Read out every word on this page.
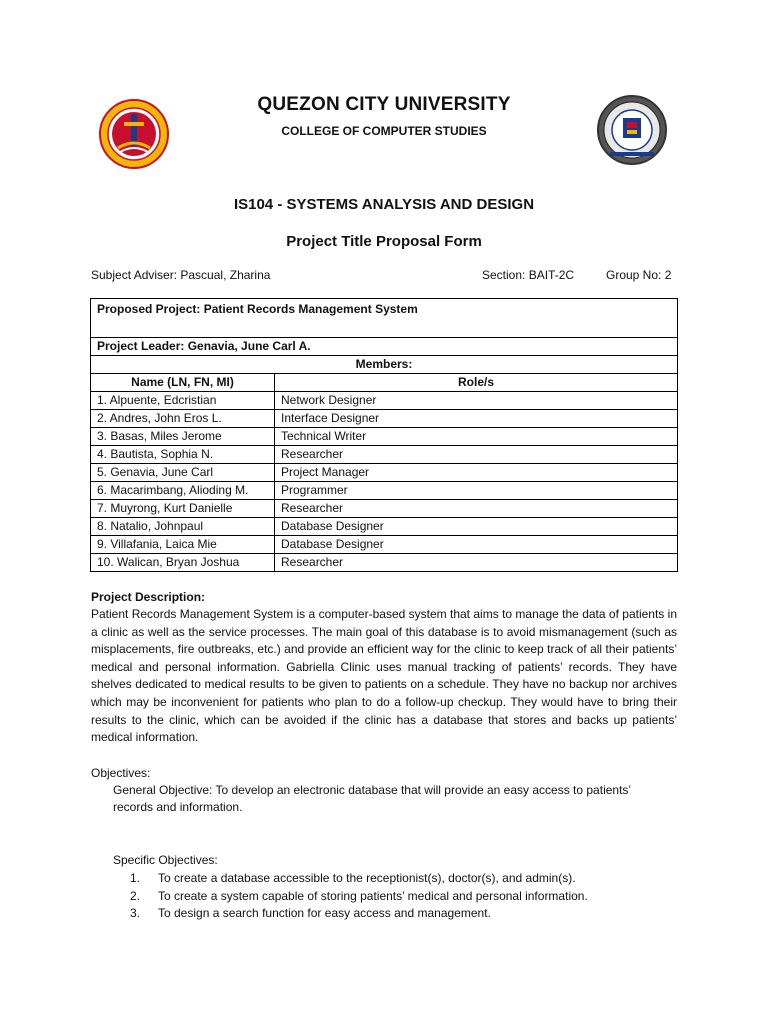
QUEZON CITY UNIVERSITY
COLLEGE OF COMPUTER STUDIES
IS104 - SYSTEMS ANALYSIS AND DESIGN
Project Title Proposal Form
Subject Adviser: Pascual, Zharina	Section: BAIT-2C	Group No: 2
Proposed Project: Patient Records Management System	
Project Leader: Genavia, June Carl A.	
Members:	
Name (LN, FN, MI)	Role/s
1. Alpuente, Edcristian	Network Designer
2. Andres, John Eros L.	Interface Designer
3. Basas, Miles Jerome	Technical Writer
4. Bautista, Sophia N.	Researcher
5. Genavia, June Carl	Project Manager
6. Macarimbang, Alioding M.	Programmer
7. Muyrong, Kurt Danielle	Researcher
8. Natalio, Johnpaul	Database Designer
9. Villafania, Laica Mie	Database Designer
10. Walican, Bryan Joshua	Researcher
Project Description:
Patient Records Management System is a computer-based system that aims to manage the data of patients in a clinic as well as the service processes. The main goal of this database is to avoid mismanagement (such as misplacements, fire outbreaks, etc.) and provide an efficient way for the clinic to keep track of all their patients’ medical and personal information. Gabriella Clinic uses manual tracking of patients’ records. They have shelves dedicated to medical results to be given to patients on a schedule. They have no backup nor archives which may be inconvenient for patients who plan to do a follow-up checkup. They would have to bring their results to the clinic, which can be avoided if the clinic has a database that stores and backs up patients’ medical information.
Objectives:
General Objective: To develop an electronic database that will provide an easy access to patients’ records and information.
Specific Objectives:
1. To create a database accessible to the receptionist(s), doctor(s), and admin(s).
2. To create a system capable of storing patients’ medical and personal information.
3. To design a search function for easy access and management.
